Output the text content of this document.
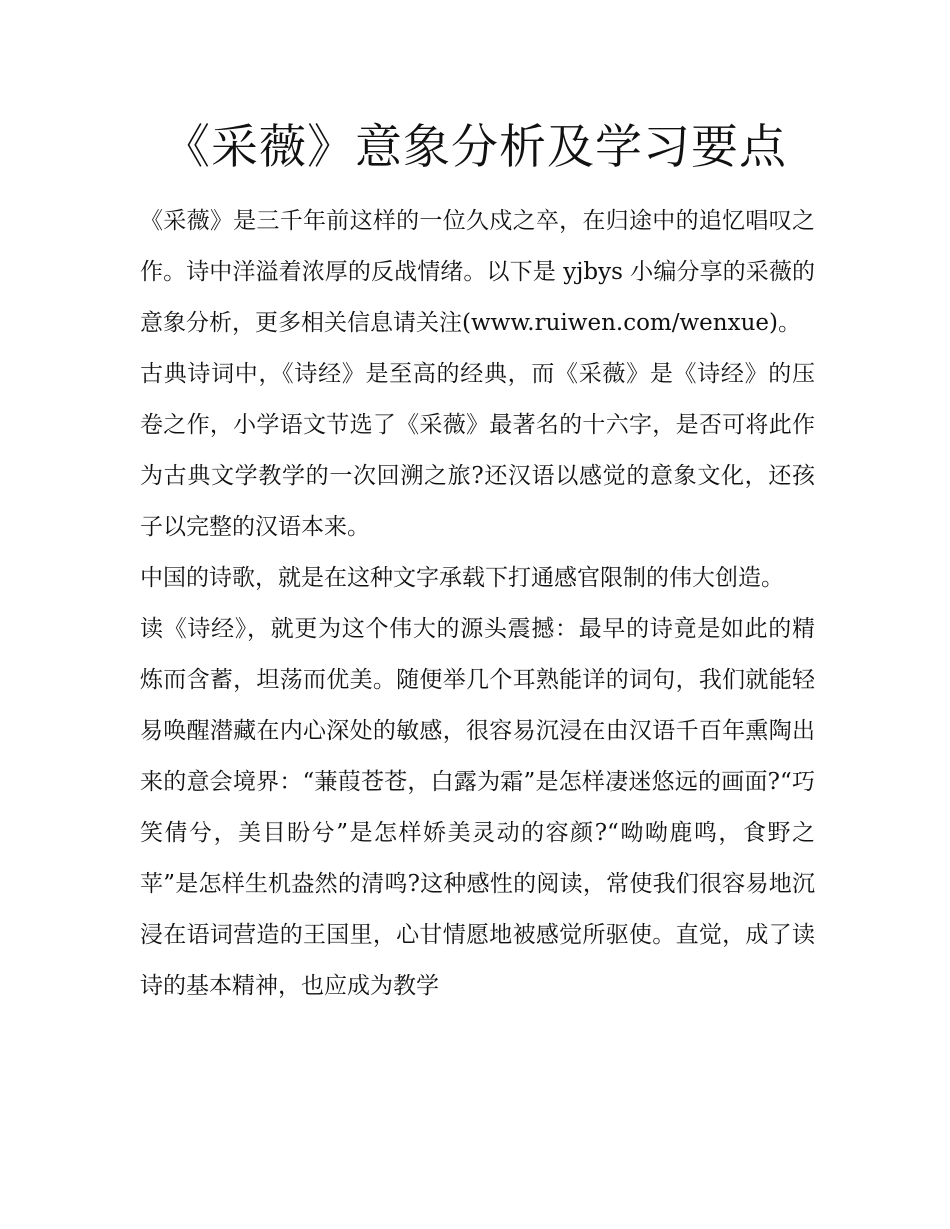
《采薇》意象分析及学习要点

《采薇》是三千年前这样的一位久戍之卒，在归途中的追忆唱叹之作。诗中洋溢着浓厚的反战情绪。以下是 yjbys 小编分享的采薇的意象分析，更多相关信息请关注(www.ruiwen.com/wenxue)。

古典诗词中，《诗经》是至高的经典，而《采薇》是《诗经》的压卷之作，小学语文节选了《采薇》最著名的十六字，是否可将此作为古典文学教学的一次回溯之旅?还汉语以感觉的意象文化，还孩子以完整的汉语本来。

中国的诗歌，就是在这种文字承载下打通感官限制的伟大创造。

读《诗经》，就更为这个伟大的源头震撼：最早的诗竟是如此的精炼而含蓄，坦荡而优美。随便举几个耳熟能详的词句，我们就能轻易唤醒潜藏在内心深处的敏感，很容易沉浸在由汉语千百年熏陶出来的意会境界：“蒹葭苍苍，白露为霜”是怎样凄迷悠远的画面?“巧笑倩兮，美目盼兮”是怎样娇美灵动的容颜?“呦呦鹿鸣，食野之苹”是怎样生机盎然的清鸣?这种感性的阅读，常使我们很容易地沉浸在语词营造的王国里，心甘情愿地被感觉所驱使。直觉，成了读诗的基本精神，也应成为教学
